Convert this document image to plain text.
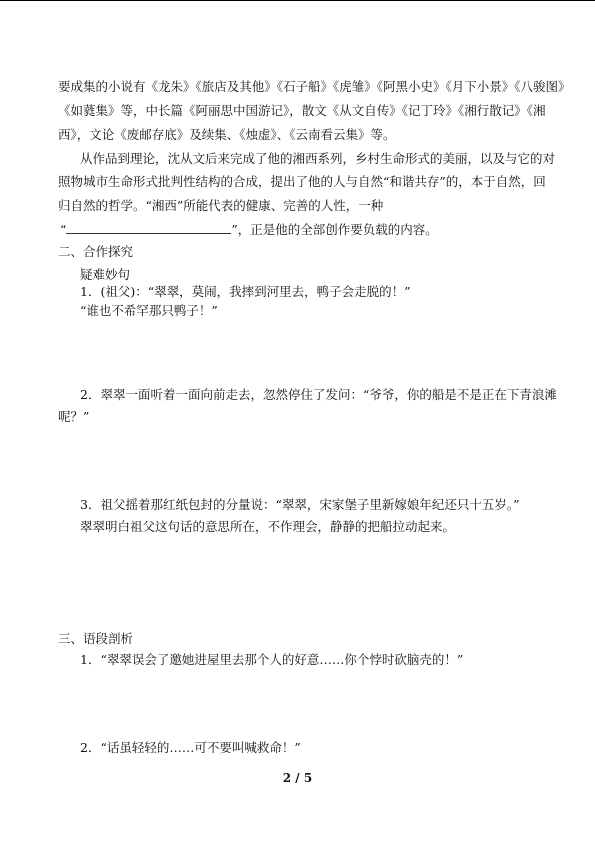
要成集的小说有《龙朱》《旅店及其他》《石子船》《虎雏》《阿黑小史》《月下小景》《八骏图》
《如蕤集》等，中长篇《阿丽思中国游记》，散文《从文自传》《记丁玲》《湘行散记》《湘
西》，文论《废邮存底》及续集、《烛虚》、《云南看云集》等。
从作品到理论，沈从文后来完成了他的湘西系列，乡村生命形式的美丽，以及与它的对
照物城市生命形式批判性结构的合成，提出了他的人与自然“和谐共存”的，本于自然，回
归自然的哲学。“湘西”所能代表的健康、完善的人性，一种
“	”，正是他的全部创作要负载的内容。
二、合作探究
疑难妙句
1．(祖父)：“翠翠，莫闹，我摔到河里去，鸭子会走脱的！”
“谁也不希罕那只鸭子！”
2．翠翠一面听着一面向前走去，忽然停住了发问：“爷爷，你的船是不是正在下青浪滩
呢？”
3．祖父摇着那红纸包封的分量说：“翠翠，宋家堡子里新嫁娘年纪还只十五岁。”
翠翠明白祖父这句话的意思所在，不作理会，静静的把船拉动起来。
三、语段剖析
1．“翠翠误会了邀她进屋里去那个人的好意……你个悖时砍脑壳的！”
2．“话虽轻轻的……可不要叫喊救命！”
2 / 5
